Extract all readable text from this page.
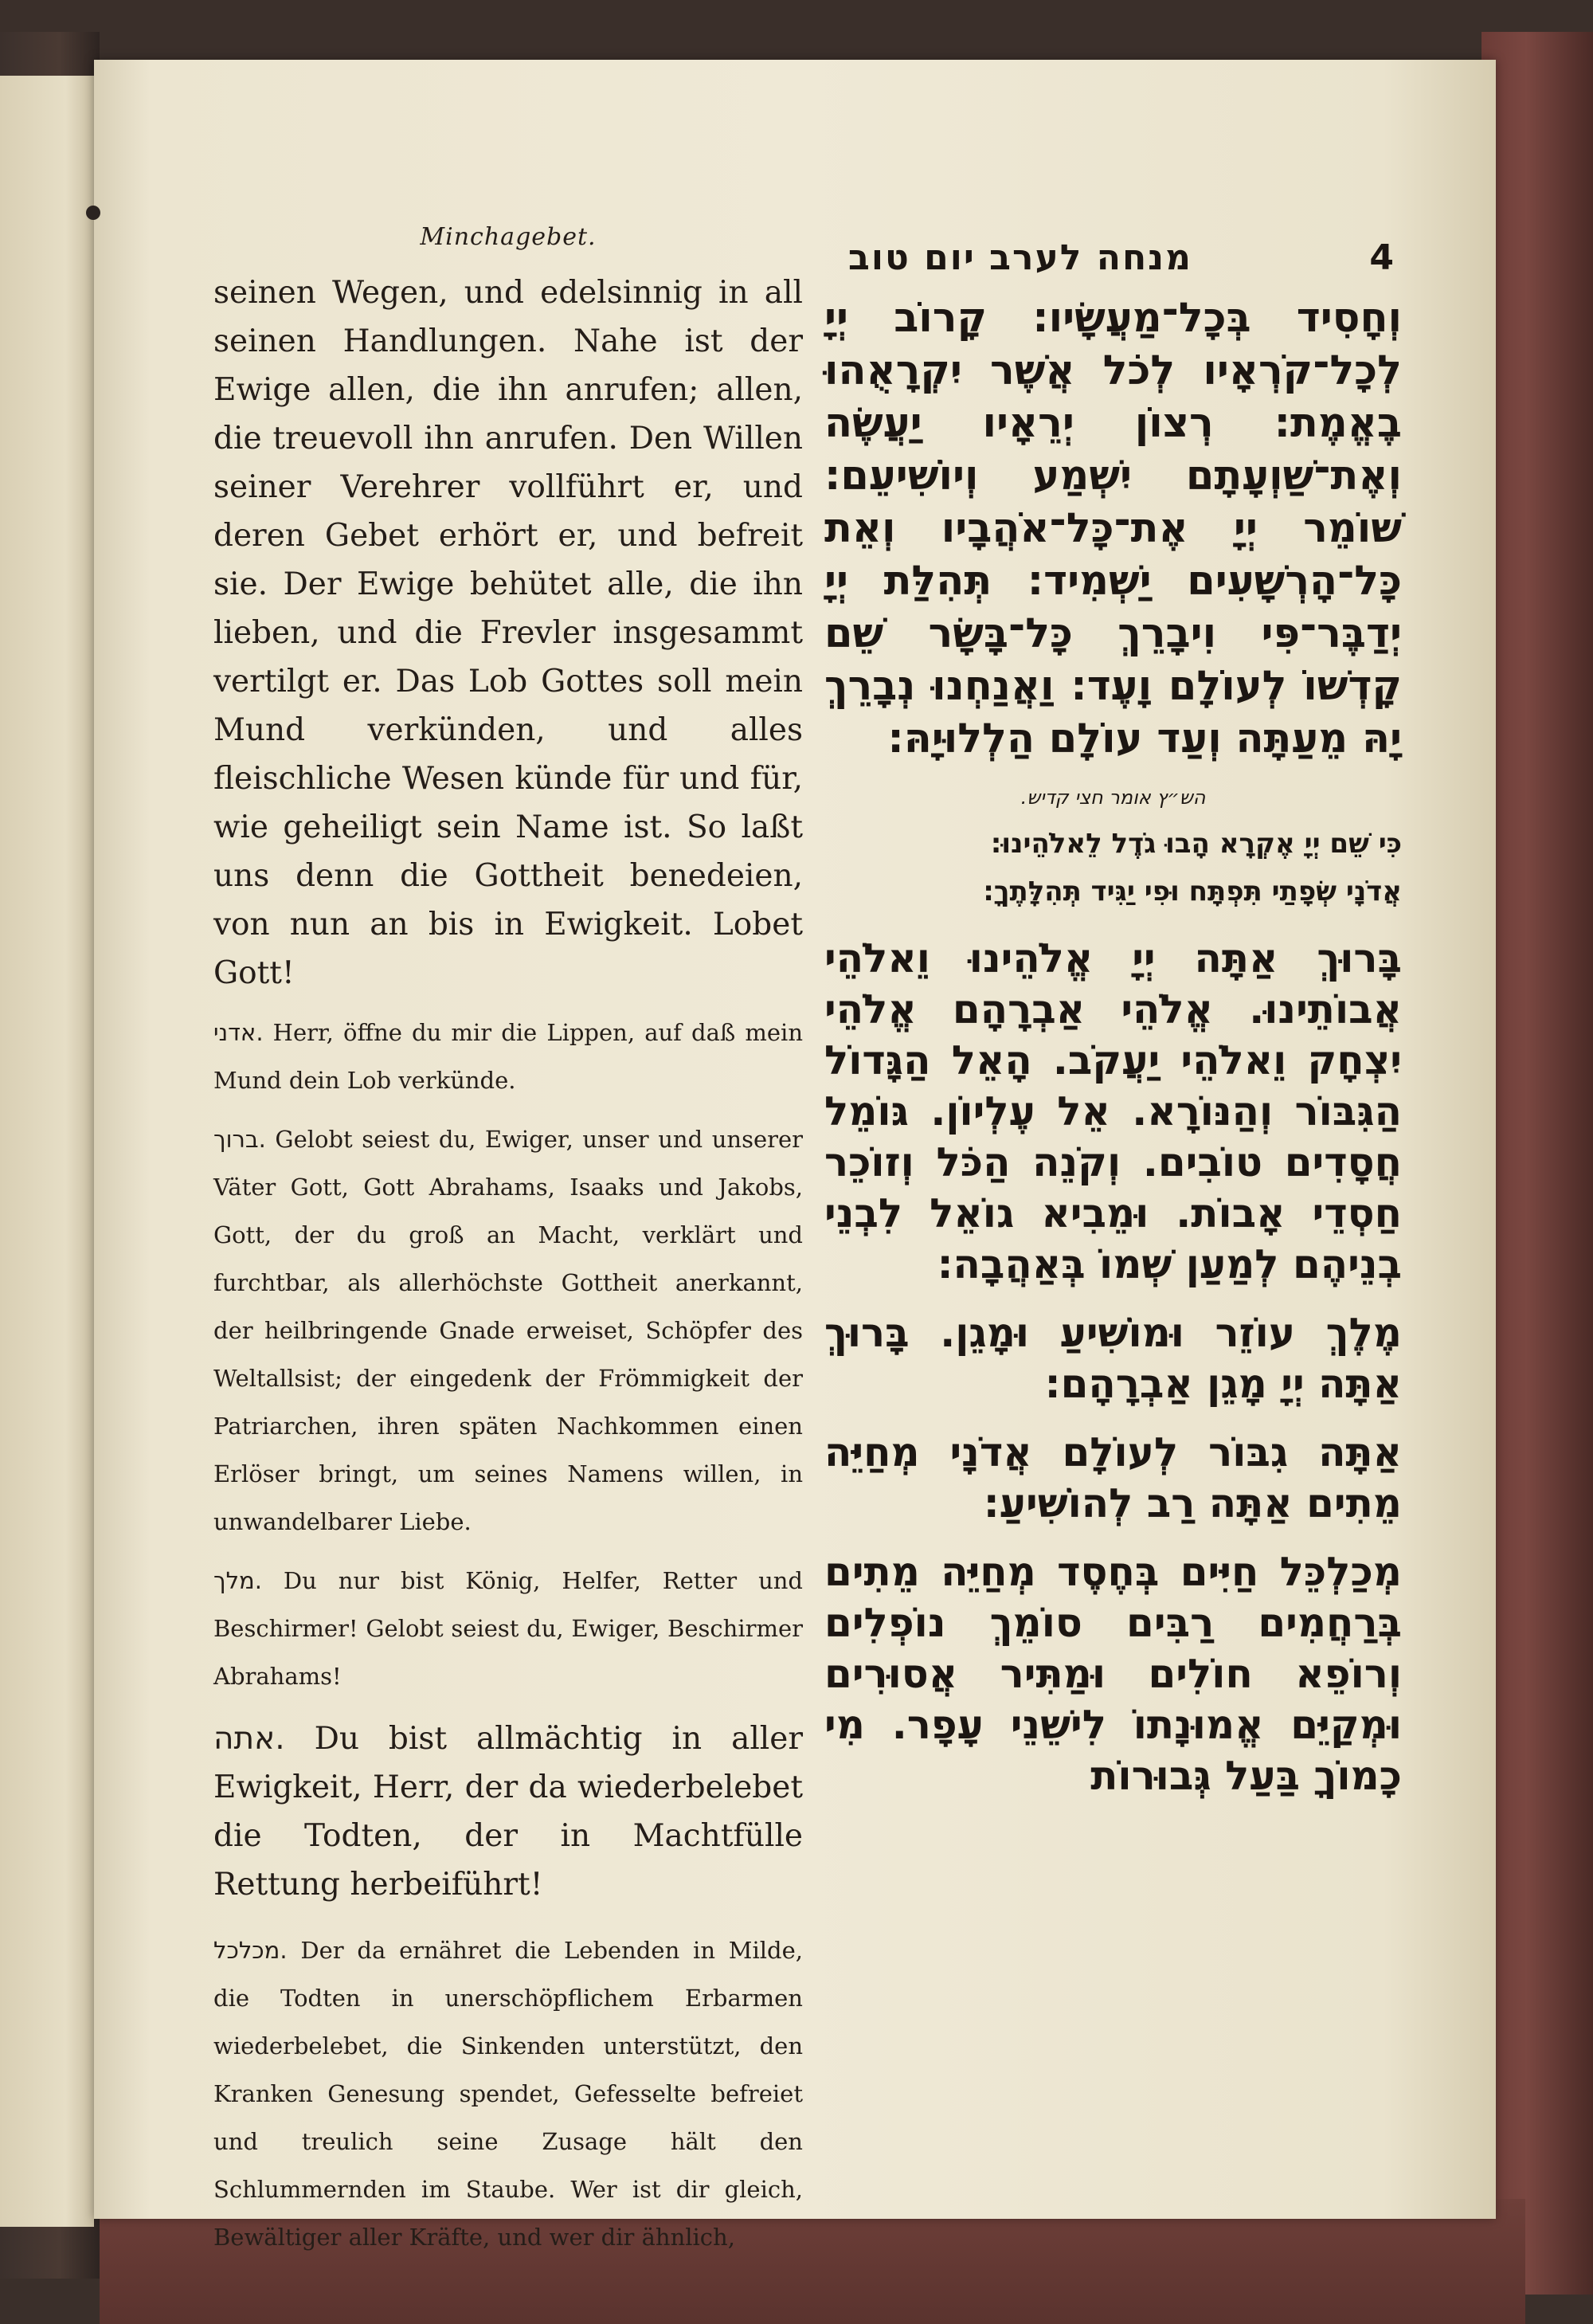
Minchagebet.

seinen Wegen, und edelsinnig in all seinen Handlungen. Nahe ist der Ewige allen, die ihn anrufen; allen, die treuevoll ihn anrufen. Den Willen seiner Verehrer vollführt er, und deren Gebet erhört er, und befreit sie. Der Ewige behütet alle, die ihn lieben, und die Frevler insgesammt vertilgt er. Das Lob Gottes soll mein Mund verkünden, und alles fleischliche Wesen künde für und für, wie geheiligt sein Name ist. So laßt uns denn die Gottheit benedeien, von nun an bis in Ewigkeit. Lobet Gott!

אדני. Herr, öffne du mir die Lippen, auf daß mein Mund dein Lob verkünde.

ברוך. Gelobt seiest du, Ewiger, unser und unserer Väter Gott, Gott Abrahams, Isaaks und Jakobs, Gott, der du groß an Macht, verklärt und furchtbar, als allerhöchste Gottheit anerkannt, der heilbringende Gnade erweiset, Schöpfer des Weltallsist; der eingedenk der Frömmigkeit der Patriarchen, ihren späten Nachkommen einen Erlöser bringt, um seines Namens willen, in unwandelbarer Liebe.

מלך. Du nur bist König, Helfer, Retter und Beschirmer! Gelobt seiest du, Ewiger, Beschirmer Abrahams!

אתה. Du bist allmächtig in aller Ewigkeit, Herr, der da wiederbelebet die Todten, der in Machtfülle Rettung herbeiführt!

מכלכל. Der da ernähret die Lebenden in Milde, die Todten in unerschöpflichem Erbarmen wiederbelebet, die Sinkenden unterstützt, den Kranken Genesung spendet, Gefesselte befreiet und treulich seine Zusage hält den Schlummernden im Staube. Wer ist dir gleich, Bewältiger aller Kräfte, und wer dir ähnlich,

מנחה לערב יום טוב	4

וְחָסִיד בְּכָל־מַעֲשָׂיו: קָרוֹב יְיָ לְכָל־קֹרְאָיו לְכֹל אֲשֶׁר יִקְרָאֻהוּ בֶאֱמֶת: רְצוֹן יְרֵאָיו יַעֲשֶׂה וְאֶת־שַׁוְעָתָם יִשְׁמַע וְיוֹשִׁיעֵם: שׁוֹמֵר יְיָ אֶת־כָּל־אֹהֲבָיו וְאֵת כָּל־הָרְשָׁעִים יַשְׁמִיד: תְּהִלַּת יְיָ יְדַבֶּר־פִּי וִיבָרֵךְ כָּל־בָּשָׂר שֵׁם קָדְשׁוֹ לְעוֹלָם וָעֶד: וַאֲנַחְנוּ נְבָרֵךְ יָהּ מֵעַתָּה וְעַד עוֹלָם הַלְלוּיָהּ:

הש״ץ אומר חצי קדיש.

כִּי שֵׁם יְיָ אֶקְרָא הָבוּ גֹדֶל לֵאלֹהֵינוּ:

אֲדֹנָי שְׂפָתַי תִּפְתָּח וּפִי יַגִּיד תְּהִלָּתֶךָ:

בָּרוּךְ אַתָּה יְיָ אֱלֹהֵינוּ וֵאלֹהֵי אֲבוֹתֵינוּ. אֱלֹהֵי אַבְרָהָם אֱלֹהֵי יִצְחָק וֵאלֹהֵי יַעֲקֹב. הָאֵל הַגָּדוֹל הַגִּבּוֹר וְהַנּוֹרָא. אֵל עֶלְיוֹן. גּוֹמֵל חֲסָדִים טוֹבִים. וְקֹנֵה הַכֹּל וְזוֹכֵר חַסְדֵי אָבוֹת. וּמֵבִיא גוֹאֵל לִבְנֵי בְנֵיהֶם לְמַעַן שְׁמוֹ בְּאַהֲבָה:

מֶלֶךְ עוֹזֵר וּמוֹשִׁיעַ וּמָגֵן. בָּרוּךְ אַתָּה יְיָ מָגֵן אַבְרָהָם:

אַתָּה גִבּוֹר לְעוֹלָם אֲדֹנָי מְחַיֵּה מֵתִים אַתָּה רַב לְהוֹשִׁיעַ:

מְכַלְכֵּל חַיִּים בְּחֶסֶד מְחַיֵּה מֵתִים בְּרַחֲמִים רַבִּים סוֹמֵךְ נוֹפְלִים וְרוֹפֵא חוֹלִים וּמַתִּיר אֲסוּרִים וּמְקַיֵּם אֱמוּנָתוֹ לִישֵׁנֵי עָפָר. מִי כָמוֹךָ בַּעַל גְּבוּרוֹת
